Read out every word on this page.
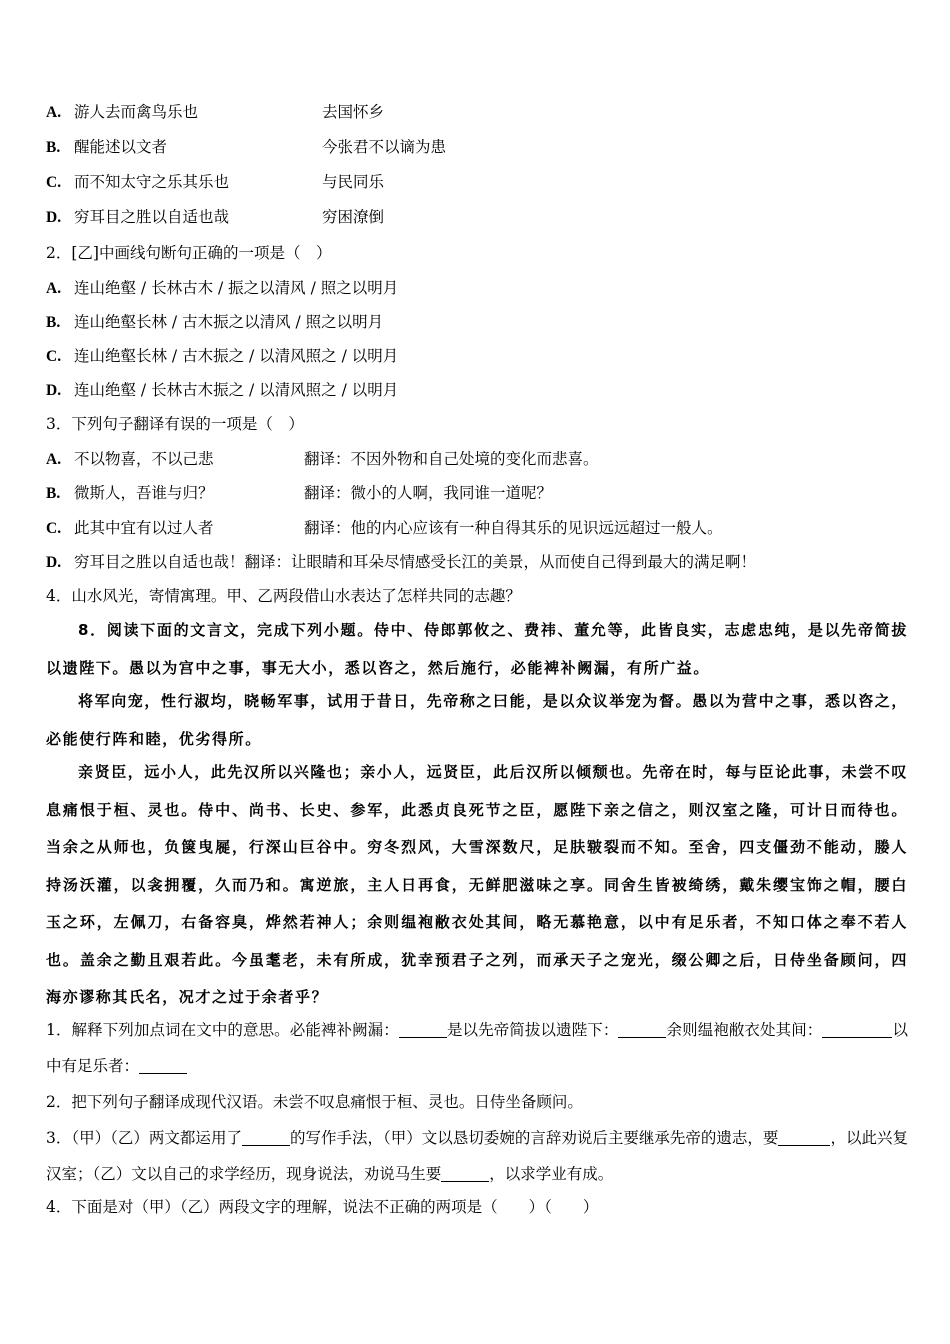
A. 游人去而禽鸟乐也	去国怀乡
B. 醒能述以文者	今张君不以谪为患
C. 而不知太守之乐其乐也	与民同乐
D. 穷耳目之胜以自适也哉	穷困潦倒
2．[乙]中画线句断句正确的一项是（　）
A. 连山绝壑 / 长林古木 / 振之以清风 / 照之以明月
B. 连山绝壑长林 / 古木振之以清风 / 照之以明月
C. 连山绝壑长林 / 古木振之 / 以清风照之 / 以明月
D. 连山绝壑 / 长林古木振之 / 以清风照之 / 以明月
3．下列句子翻译有误的一项是（　）
A. 不以物喜，不以己悲	翻译：不因外物和自己处境的变化而悲喜。
B. 微斯人，吾谁与归？	翻译：微小的人啊，我同谁一道呢？
C. 此其中宜有以过人者	翻译：他的内心应该有一种自得其乐的见识远远超过一般人。
D. 穷耳目之胜以自适也哉！翻译：让眼睛和耳朵尽情感受长江的美景，从而使自己得到最大的满足啊！
4．山水风光，寄情寓理。甲、乙两段借山水表达了怎样共同的志趣？
8．阅读下面的文言文，完成下列小题。侍中、侍郎郭攸之、费祎、董允等，此皆良实，志虑忠纯，是以先帝简拔以遗陛下。愚以为宫中之事，事无大小，悉以咨之，然后施行，必能裨补阙漏，有所广益。
将军向宠，性行淑均，晓畅军事，试用于昔日，先帝称之曰能，是以众议举宠为督。愚以为营中之事，悉以咨之，必能使行阵和睦，优劣得所。
亲贤臣，远小人，此先汉所以兴隆也；亲小人，远贤臣，此后汉所以倾颓也。先帝在时，每与臣论此事，未尝不叹息痛恨于桓、灵也。侍中、尚书、长史、参军，此悉贞良死节之臣，愿陛下亲之信之，则汉室之隆，可计日而待也。当余之从师也，负箧曳屣，行深山巨谷中。穷冬烈风，大雪深数尺，足肤皲裂而不知。至舍，四支僵劲不能动，媵人持汤沃灌，以衾拥覆，久而乃和。寓逆旅，主人日再食，无鲜肥滋味之享。同舍生皆被绮绣，戴朱缨宝饰之帽，腰白玉之环，左佩刀，右备容臭，烨然若神人；余则缊袍敝衣处其间，略无慕艳意，以中有足乐者，不知口体之奉不若人也。盖余之勤且艰若此。今虽耄老，未有所成，犹幸预君子之列，而承天子之宠光，缀公卿之后，日侍坐备顾问，四海亦谬称其氏名，况才之过于余者乎？
1．解释下列加点词在文中的意思。必能裨补阙漏：	是以先帝简拔以遗陛下：	余则缊袍敝衣处其间：	以中有足乐者：
2．把下列句子翻译成现代汉语。未尝不叹息痛恨于桓、灵也。日侍坐备顾问。
3．（甲）（乙）两文都运用了	的写作手法，（甲）文以恳切委婉的言辞劝说后主要继承先帝的遗志，要	，以此兴复汉室；（乙）文以自己的求学经历，现身说法，劝说马生要	，以求学业有成。
4．下面是对（甲）（乙）两段文字的理解，说法不正确的两项是（　　）（　　）
